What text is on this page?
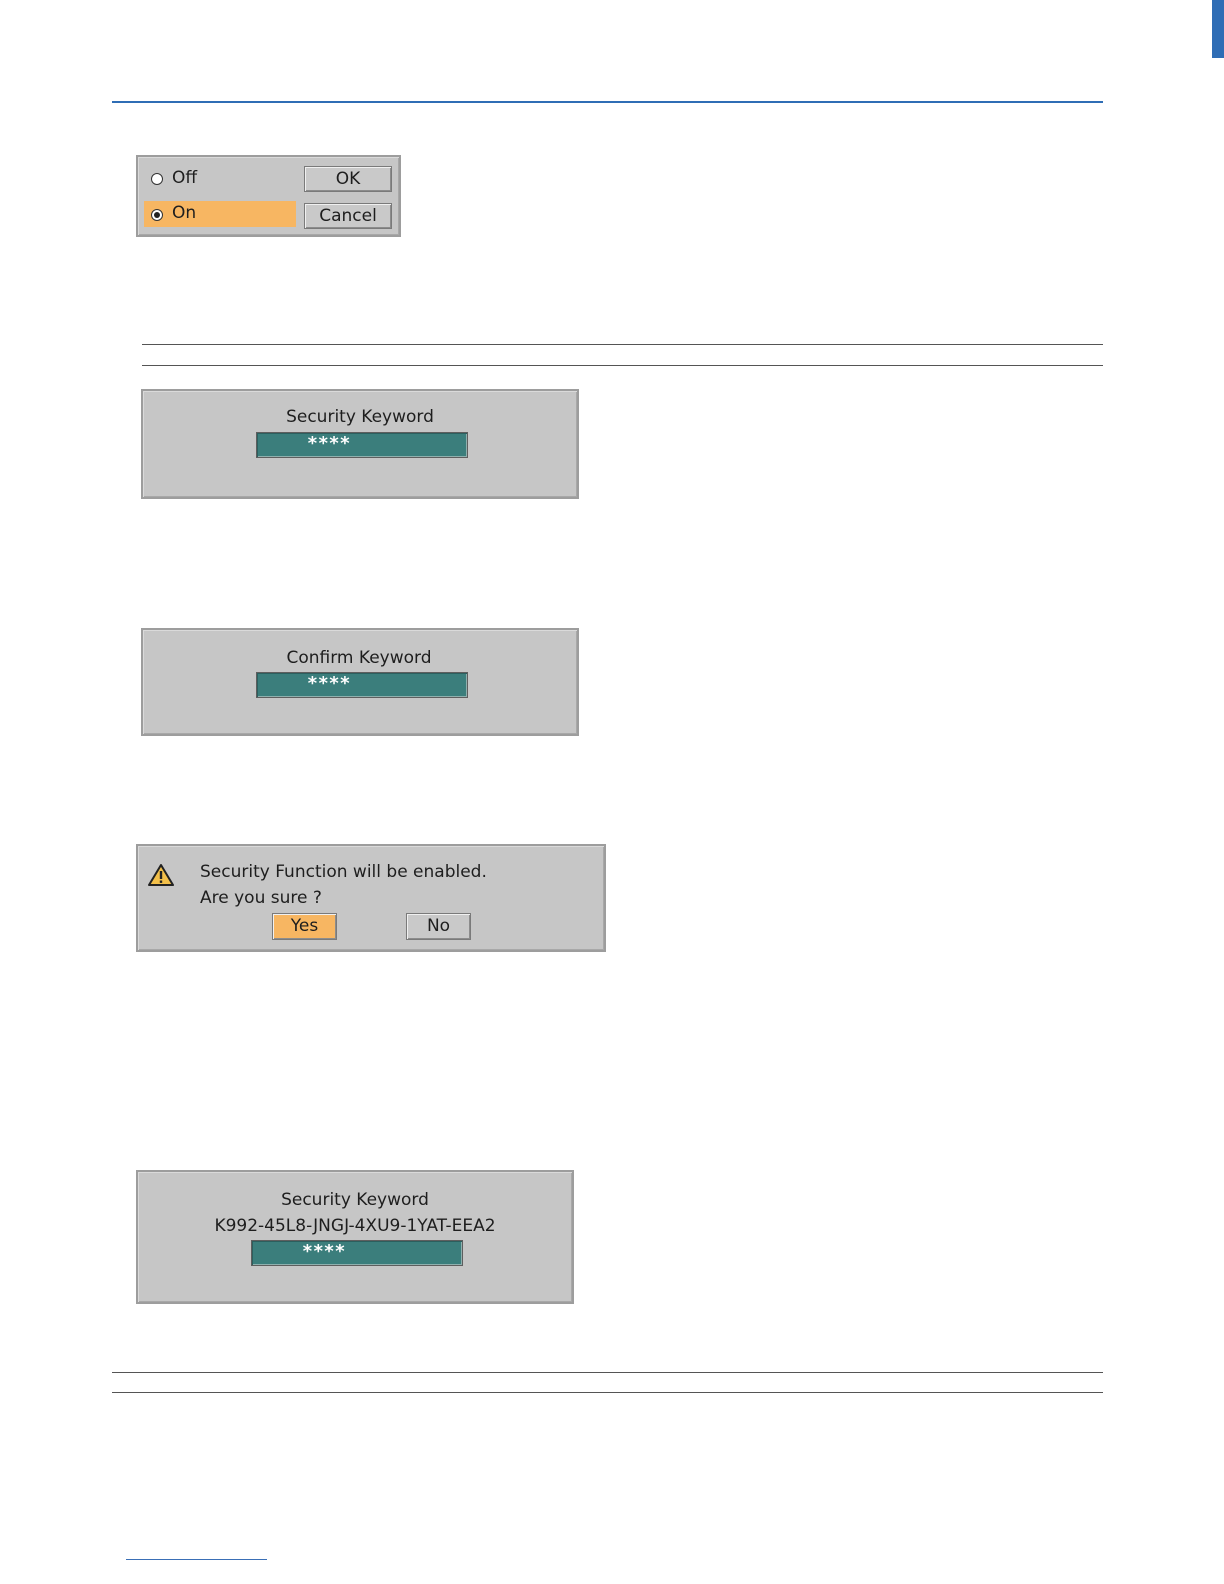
Off
On
OK
Cancel
Security Keyword
****
Confirm Keyword
****
Security Function will be enabled.
Are you sure ?
Yes	No
Security Keyword
K992-45L8-JNGJ-4XU9-1YAT-EEA2
****
